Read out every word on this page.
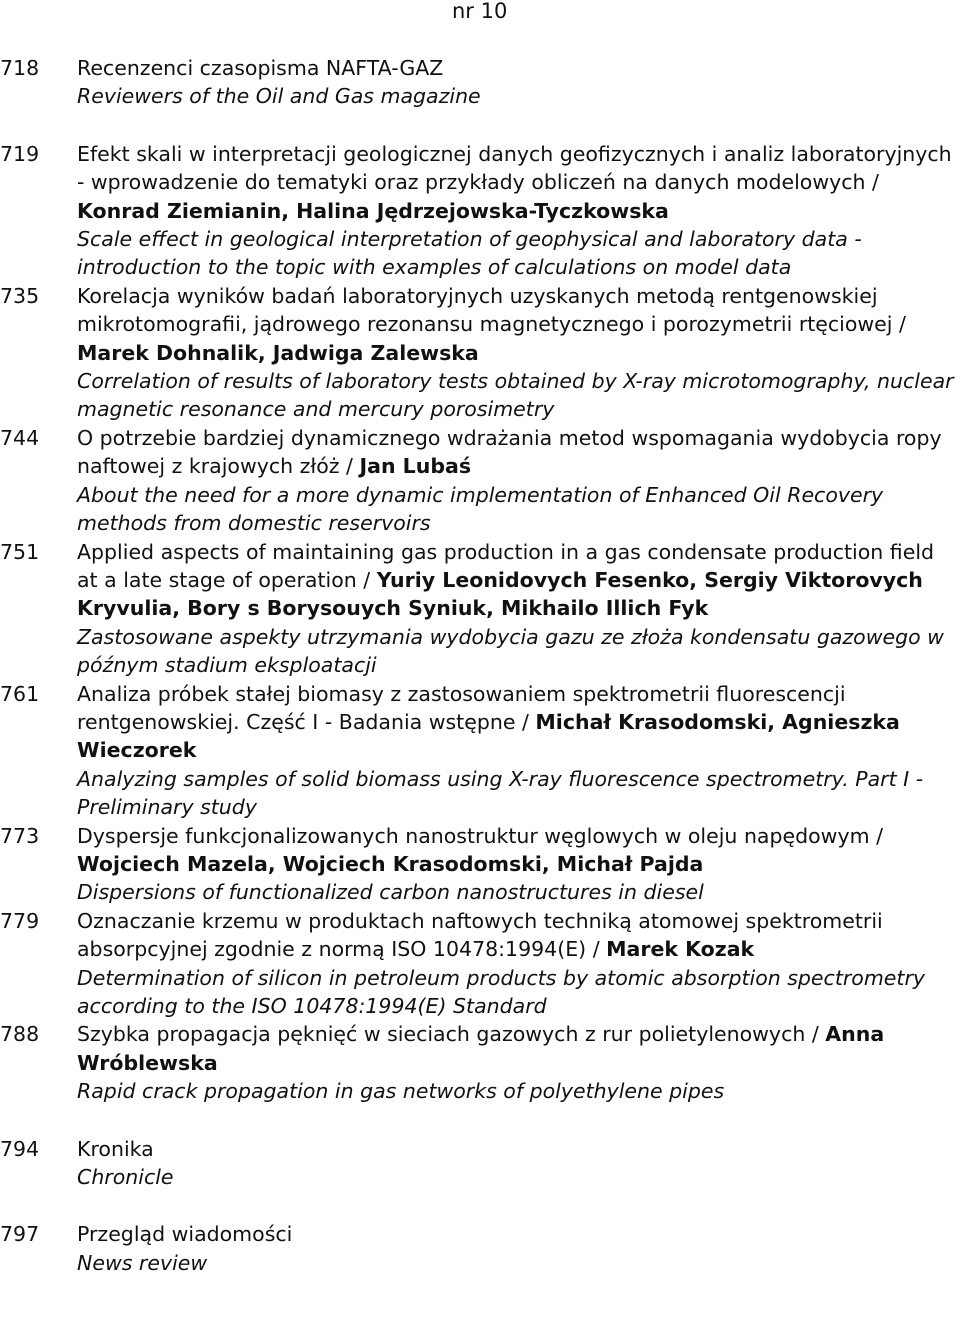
nr 10
718 Recenzenci czasopisma NAFTA-GAZ

Reviewers of the Oil and Gas magazine

719 Efekt skali w interpretacji geologicznej danych geofizycznych i analiz laboratoryjnych - wprowadzenie do tematyki oraz przykłady obliczeń na danych modelowych / Konrad Ziemianin, Halina Jędrzejowska-Tyczkowska

Scale effect in geological interpretation of geophysical and laboratory data - introduction to the topic with examples of calculations on model data

735 Korelacja wyników badań laboratoryjnych uzyskanych metodą rentgenowskiej mikrotomografii, jądrowego rezonansu magnetycznego i porozymetrii rtęciowej / Marek Dohnalik, Jadwiga Zalewska

Correlation of results of laboratory tests obtained by X-ray microtomography, nuclear magnetic resonance and mercury porosimetry

744 O potrzebie bardziej dynamicznego wdrażania metod wspomagania wydobycia ropy naftowej z krajowych złóż / Jan Lubaś

About the need for a more dynamic implementation of Enhanced Oil Recovery methods from domestic reservoirs

751 Applied aspects of maintaining gas production in a gas condensate production field at a late stage of operation / Yuriy Leonidovych Fesenko, Sergiy Viktorovych Kryvulia, Bory s Borysouych Syniuk, Mikhailo Illich Fyk

Zastosowane aspekty utrzymania wydobycia gazu ze złoża kondensatu gazowego w późnym stadium eksploatacji

761 Analiza próbek stałej biomasy z zastosowaniem spektrometrii fluorescencji rentgenowskiej. Część I - Badania wstępne / Michał Krasodomski, Agnieszka Wieczorek

Analyzing samples of solid biomass using X-ray fluorescence spectrometry. Part I - Preliminary study

773 Dyspersje funkcjonalizowanych nanostruktur węglowych w oleju napędowym / Wojciech Mazela, Wojciech Krasodomski, Michał Pajda

Dispersions of functionalized carbon nanostructures in diesel

779 Oznaczanie krzemu w produktach naftowych techniką atomowej spektrometrii absorpcyjnej zgodnie z normą ISO 10478:1994(E) / Marek Kozak

Determination of silicon in petroleum products by atomic absorption spectrometry according to the ISO 10478:1994(E) Standard

788 Szybka propagacja pęknięć w sieciach gazowych z rur polietylenowych / Anna Wróblewska

Rapid crack propagation in gas networks of polyethylene pipes

794 Kronika

Chronicle

797 Przegląd wiadomości

News review
